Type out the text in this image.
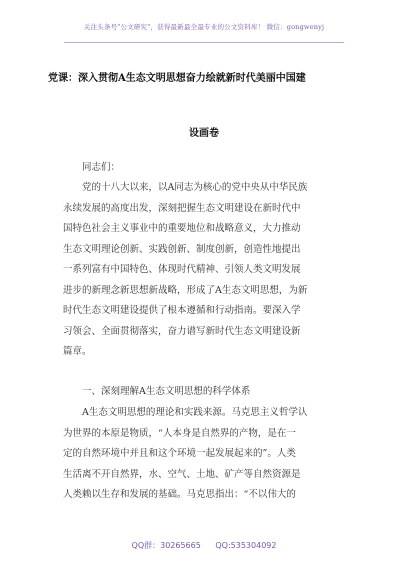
关注头条号"公文研究"，获得最新最全最专业的公文资料库！ 微信：gongwenyj
党课：深入贯彻A生态文明思想奋力绘就新时代美丽中国建
设画卷
同志们：
党的十八大以来，以A同志为核心的党中央从中华民族
永续发展的高度出发，深刻把握生态文明建设在新时代中
国特色社会主义事业中的重要地位和战略意义，大力推动
生态文明理论创新、实践创新、制度创新，创造性地提出
一系列富有中国特色、体现时代精神、引领人类文明发展
进步的新理念新思想新战略，形成了A生态文明思想，为新
时代生态文明建设提供了根本遵循和行动指南。要深入学
习领会、全面贯彻落实，奋力谱写新时代生态文明建设新
篇章。
一、深刻理解A生态文明思想的科学体系
A生态文明思想的理论和实践来源。马克思主义哲学认
为世界的本原是物质，“人本身是自然界的产物，是在一
定的自然环境中并且和这个环境一起发展起来的”。人类
生活离不开自然界，水、空气、土地、矿产等自然资源是
人类赖以生存和发展的基础。马克思指出：“不以伟大的
QQ群：30265665 QQ:535304092
